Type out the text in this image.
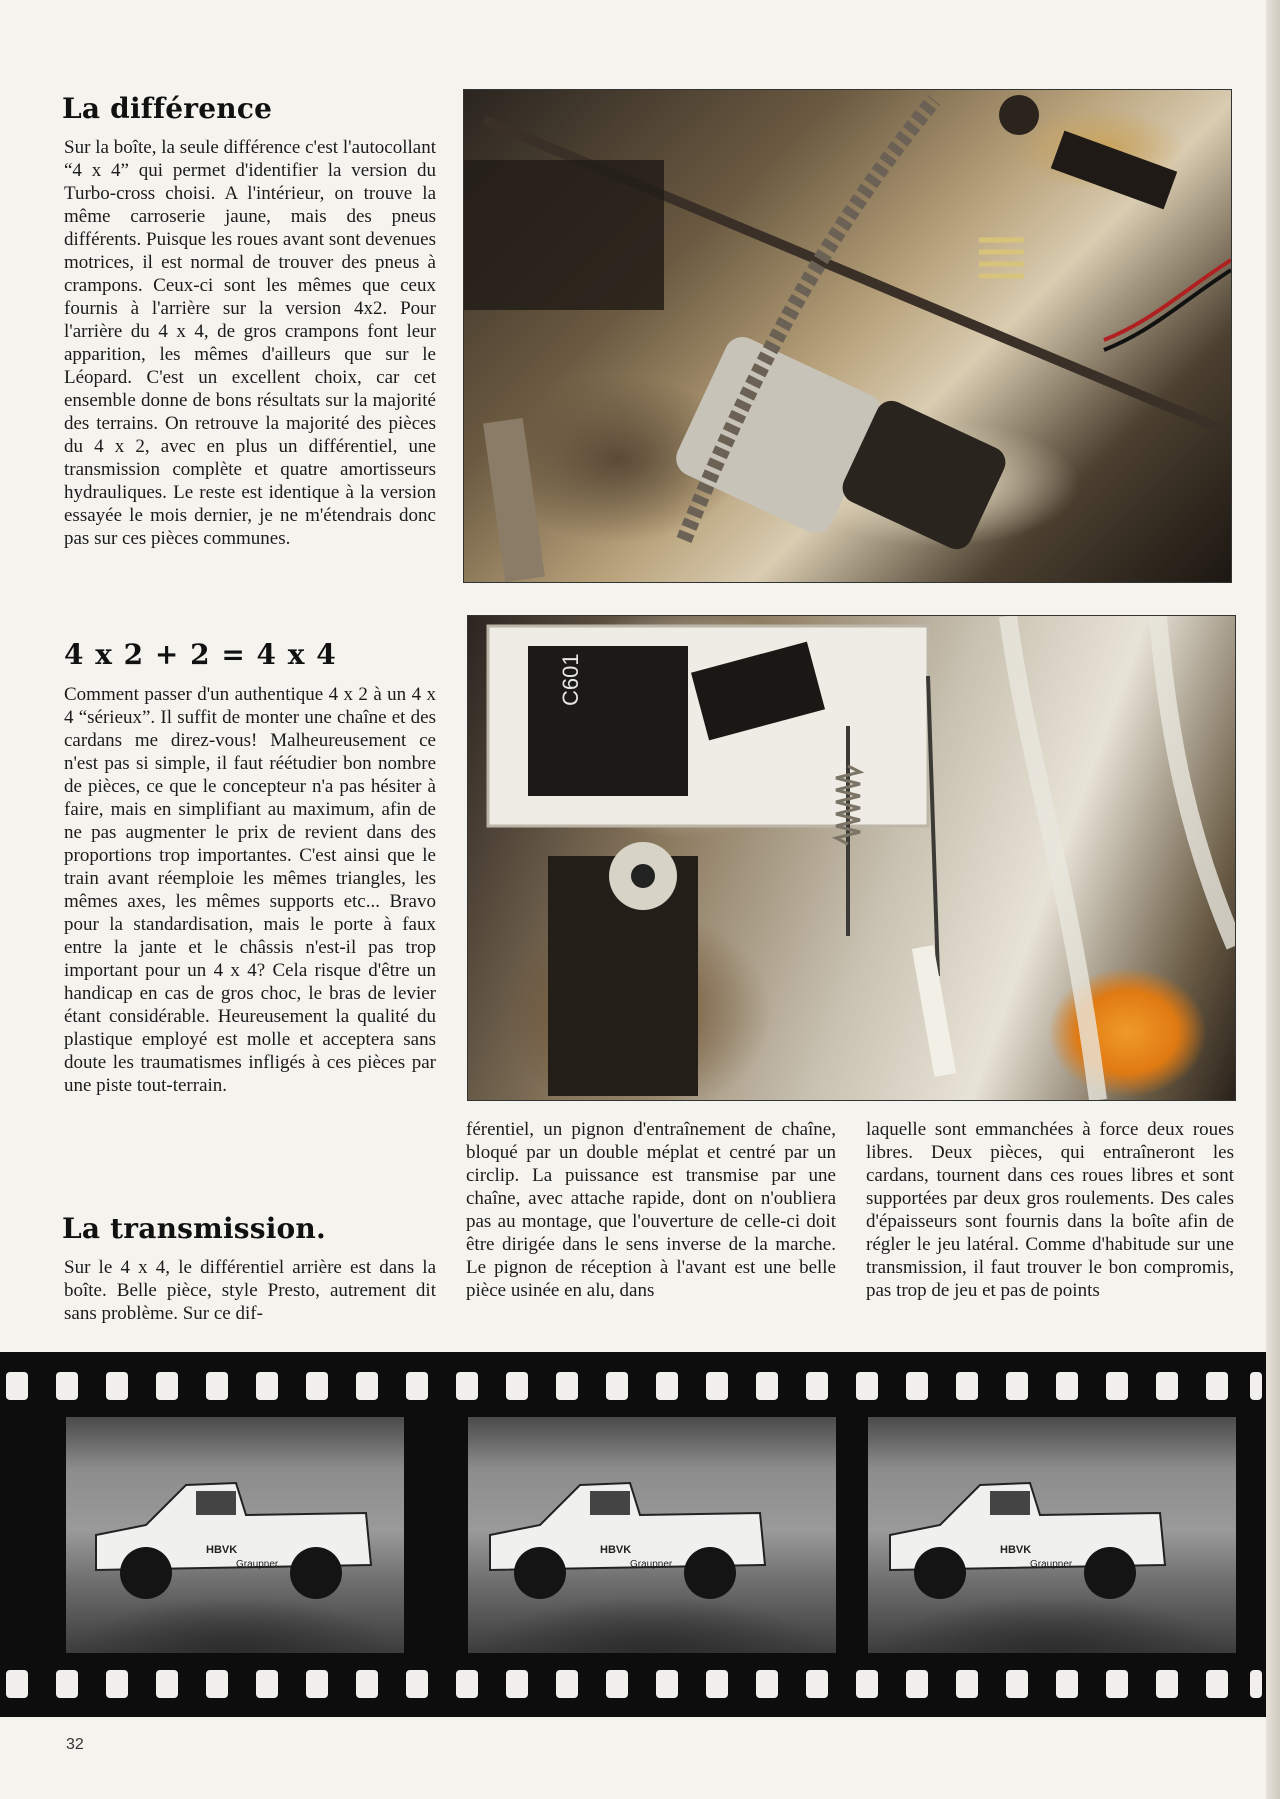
La différence

Sur la boîte, la seule différence c'est l'autocollant “4 x 4” qui permet d'identifier la version du Turbo-cross choisi. A l'intérieur, on trouve la même carroserie jaune, mais des pneus différents. Puisque les roues avant sont devenues motrices, il est normal de trouver des pneus à crampons. Ceux-ci sont les mêmes que ceux fournis à l'arrière sur la version 4x2. Pour l'arrière du 4 x 4, de gros crampons font leur apparition, les mêmes d'ailleurs que sur le Léopard. C'est un excellent choix, car cet ensemble donne de bons résultats sur la majorité des terrains. On retrouve la majorité des pièces du 4 x 2, avec en plus un différentiel, une transmission complète et quatre amortisseurs hydrauliques. Le reste est identique à la version essayée le mois dernier, je ne m'étendrais donc pas sur ces pièces communes.

4 x 2 + 2 = 4 x 4

Comment passer d'un authentique 4 x 2 à un 4 x 4 “sérieux”. Il suffit de monter une chaîne et des cardans me direz-vous! Malheureusement ce n'est pas si simple, il faut réétudier bon nombre de pièces, ce que le concepteur n'a pas hésiter à faire, mais en simplifiant au maximum, afin de ne pas augmenter le prix de revient dans des proportions trop importantes. C'est ainsi que le train avant réemploie les mêmes triangles, les mêmes axes, les mêmes supports etc... Bravo pour la standardisation, mais le porte à faux entre la jante et le châssis n'est-il pas trop important pour un 4 x 4? Cela risque d'être un handicap en cas de gros choc, le bras de levier étant considérable. Heureusement la qualité du plastique employé est molle et acceptera sans doute les traumatismes infligés à ces pièces par une piste tout-terrain.

La transmission.

Sur le 4 x 4, le différentiel arrière est dans la boîte. Belle pièce, style Presto, autrement dit sans problème. Sur ce dif-

C601

férentiel, un pignon d'entraînement de chaîne, bloqué par un double méplat et centré par un circlip. La puissance est transmise par une chaîne, avec attache rapide, dont on n'oubliera pas au montage, que l'ouverture de celle-ci doit être dirigée dans le sens inverse de la marche. Le pignon de réception à l'avant est une belle pièce usinée en alu, dans

laquelle sont emmanchées à force deux roues libres. Deux pièces, qui entraîneront les cardans, tournent dans ces roues libres et sont supportées par deux gros roulements. Des cales d'épaisseurs sont fournis dans la boîte afin de régler le jeu latéral. Comme d'habitude sur une transmission, il faut trouver le bon compromis, pas trop de jeu et pas de points

HBVK
Graupner
HBVK
Graupner
HBVK
Graupner
32
